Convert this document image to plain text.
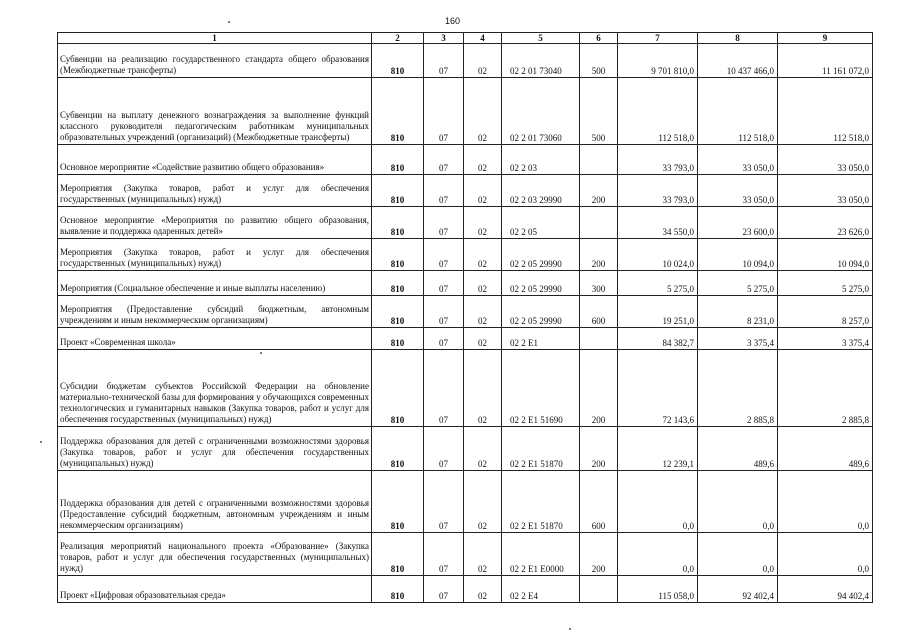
160
1	2	3	4	5	6	7	8	9
Субвенции на реализацию государственного стандарта общего образования (Межбюджетные трансферты)	810	07	02	02 2 01 73040	500	9 701 810,0	10 437 466,0	11 161 072,0
Субвенции на выплату денежного вознаграждения за выполнение функций классного руководителя педагогическим работникам муниципальных образовательных учреждений (организаций) (Межбюджетные трансферты)	810	07	02	02 2 01 73060	500	112 518,0	112 518,0	112 518,0
Основное мероприятие «Содействие развитию общего образования»	810	07	02	02 2 03		33 793,0	33 050,0	33 050,0
Мероприятия (Закупка товаров, работ и услуг для обеспечения государственных (муниципальных) нужд)	810	07	02	02 2 03 29990	200	33 793,0	33 050,0	33 050,0
Основное мероприятие «Мероприятия по развитию общего образования, выявление и поддержка одаренных детей»	810	07	02	02 2 05		34 550,0	23 600,0	23 626,0
Мероприятия (Закупка товаров, работ и услуг для обеспечения государственных (муниципальных) нужд)	810	07	02	02 2 05 29990	200	10 024,0	10 094,0	10 094,0
Мероприятия (Социальное обеспечение и иные выплаты населению)	810	07	02	02 2 05 29990	300	5 275,0	5 275,0	5 275,0
Мероприятия (Предоставление субсидий бюджетным, автономным учреждениям и иным некоммерческим организациям)	810	07	02	02 2 05 29990	600	19 251,0	8 231,0	8 257,0
Проект «Современная школа»	810	07	02	02 2 E1		84 382,7	3 375,4	3 375,4
Субсидии бюджетам субъектов Российской Федерации на обновление материально-технической базы для формирования у обучающихся современных технологических и гуманитарных навыков (Закупка товаров, работ и услуг для обеспечения государственных (муниципальных) нужд)	810	07	02	02 2 E1 51690	200	72 143,6	2 885,8	2 885,8
Поддержка образования для детей с ограниченными возможностями здоровья (Закупка товаров, работ и услуг для обеспечения государственных (муниципальных) нужд)	810	07	02	02 2 E1 51870	200	12 239,1	489,6	489,6
Поддержка образования для детей с ограниченными возможностями здоровья (Предоставление субсидий бюджетным, автономным учреждениям и иным некоммерческим организациям)	810	07	02	02 2 E1 51870	600	0,0	0,0	0,0
Реализация мероприятий национального проекта «Образование» (Закупка товаров, работ и услуг для обеспечения государственных (муниципальных) нужд)	810	07	02	02 2 E1 E0000	200	0,0	0,0	0,0
Проект «Цифровая образовательная среда»	810	07	02	02 2 E4		115 058,0	92 402,4	94 402,4
